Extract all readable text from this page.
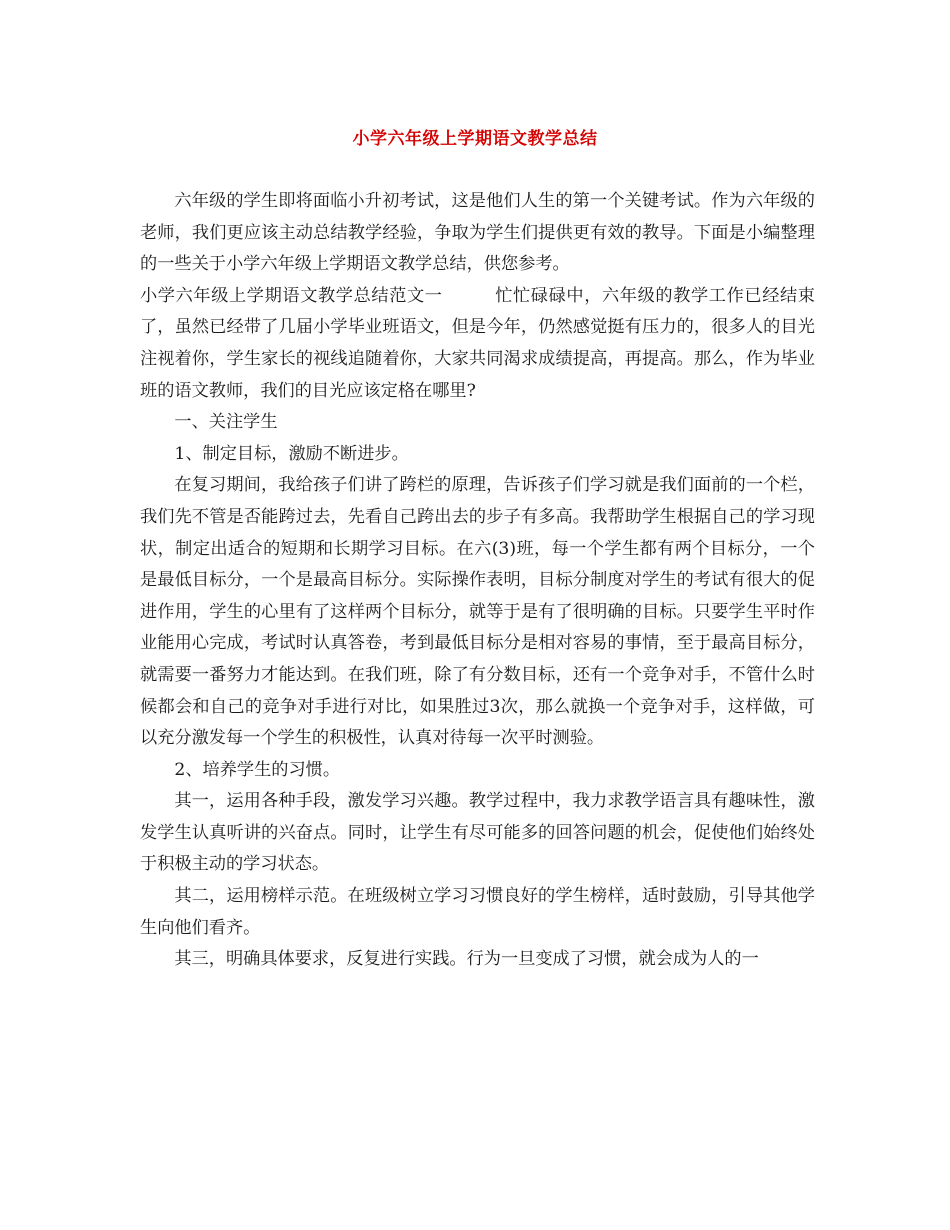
小学六年级上学期语文教学总结

六年级的学生即将面临小升初考试，这是他们人生的第一个关键考试。作为六年级的老师，我们更应该主动总结教学经验，争取为学生们提供更有效的教导。下面是小编整理的一些关于小学六年级上学期语文教学总结，供您参考。

小学六年级上学期语文教学总结范文一	忙忙碌碌中，六年级的教学工作已经结束了，虽然已经带了几届小学毕业班语文，但是今年，仍然感觉挺有压力的，很多人的目光注视着你，学生家长的视线追随着你，大家共同渴求成绩提高，再提高。那么，作为毕业班的语文教师，我们的目光应该定格在哪里?

一、关注学生

1、制定目标，激励不断进步。

在复习期间，我给孩子们讲了跨栏的原理，告诉孩子们学习就是我们面前的一个栏，我们先不管是否能跨过去，先看自己跨出去的步子有多高。我帮助学生根据自己的学习现状，制定出适合的短期和长期学习目标。在六(3)班，每一个学生都有两个目标分，一个是最低目标分，一个是最高目标分。实际操作表明，目标分制度对学生的考试有很大的促进作用，学生的心里有了这样两个目标分，就等于是有了很明确的目标。只要学生平时作业能用心完成，考试时认真答卷，考到最低目标分是相对容易的事情，至于最高目标分，就需要一番努力才能达到。在我们班，除了有分数目标，还有一个竞争对手，不管什么时候都会和自己的竞争对手进行对比，如果胜过3次，那么就换一个竞争对手，这样做，可以充分激发每一个学生的积极性，认真对待每一次平时测验。

2、培养学生的习惯。

其一，运用各种手段，激发学习兴趣。教学过程中，我力求教学语言具有趣味性，激发学生认真听讲的兴奋点。同时，让学生有尽可能多的回答问题的机会，促使他们始终处于积极主动的学习状态。

其二，运用榜样示范。在班级树立学习习惯良好的学生榜样，适时鼓励，引导其他学生向他们看齐。

其三，明确具体要求，反复进行实践。行为一旦变成了习惯，就会成为人的一
